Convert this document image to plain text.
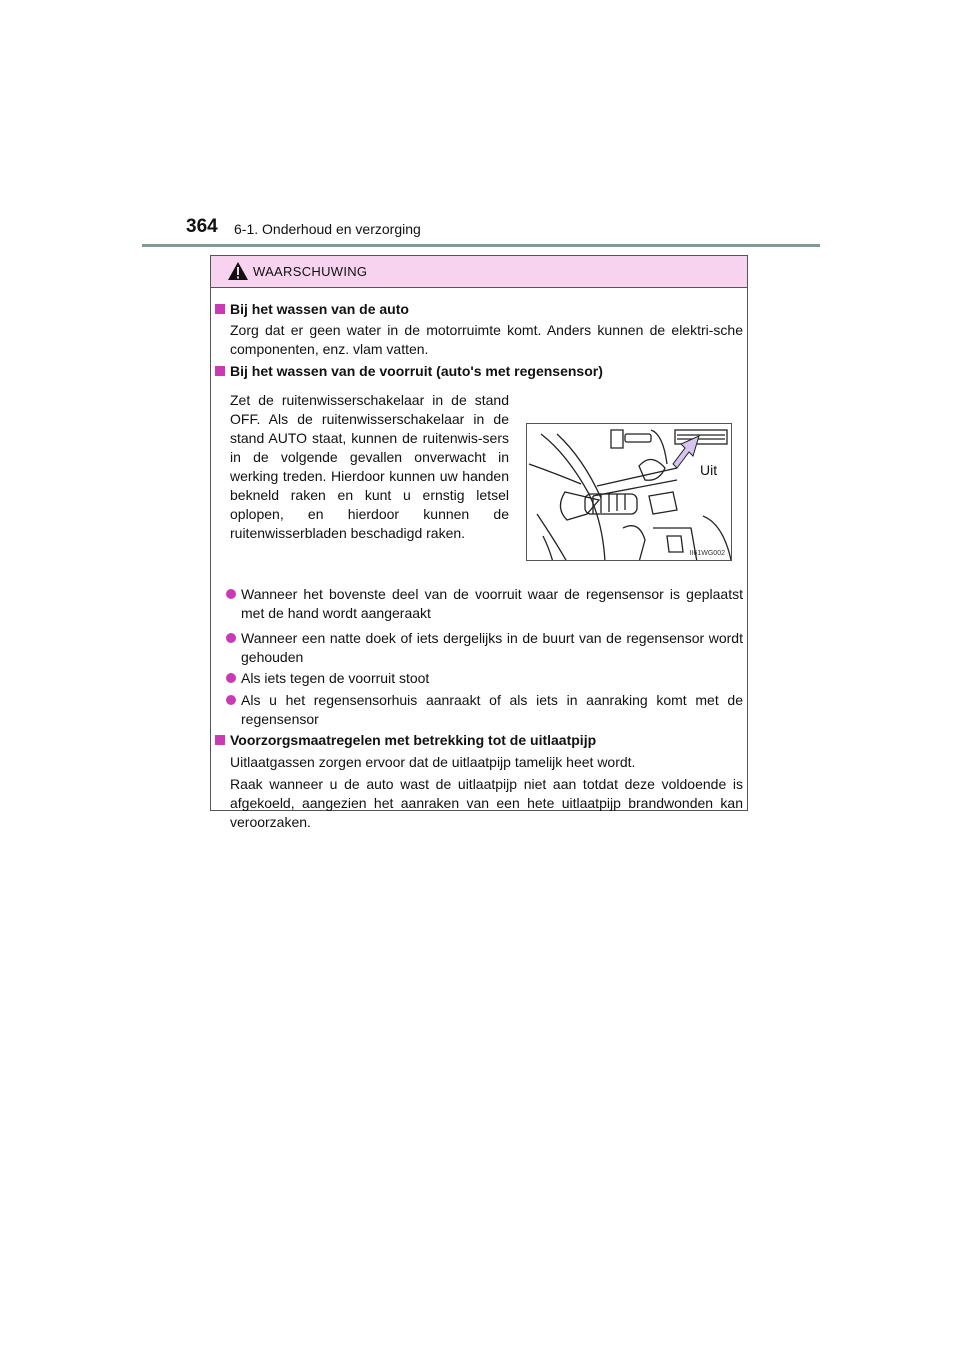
364 6-1. Onderhoud en verzorging
WAARSCHUWING
Bij het wassen van de auto
Zorg dat er geen water in de motorruimte komt. Anders kunnen de elektri-sche componenten, enz. vlam vatten.
Bij het wassen van de voorruit (auto's met regensensor)
Zet de ruitenwisserschakelaar in de stand OFF. Als de ruitenwisserschakelaar in de stand AUTO staat, kunnen de ruitenwis-sers in de volgende gevallen onverwacht in werking treden. Hierdoor kunnen uw handen bekneld raken en kunt u ernstig letsel oplopen, en hierdoor kunnen de ruitenwisserbladen beschadigd raken.
Uit
II61WG002
Wanneer het bovenste deel van de voorruit waar de regensensor is geplaatst met de hand wordt aangeraakt
Wanneer een natte doek of iets dergelijks in de buurt van de regensensor wordt gehouden
Als iets tegen de voorruit stoot
Als u het regensensorhuis aanraakt of als iets in aanraking komt met de regensensor
Voorzorgsmaatregelen met betrekking tot de uitlaatpijp
Uitlaatgassen zorgen ervoor dat de uitlaatpijp tamelijk heet wordt.
Raak wanneer u de auto wast de uitlaatpijp niet aan totdat deze voldoende is afgekoeld, aangezien het aanraken van een hete uitlaatpijp brandwonden kan veroorzaken.
